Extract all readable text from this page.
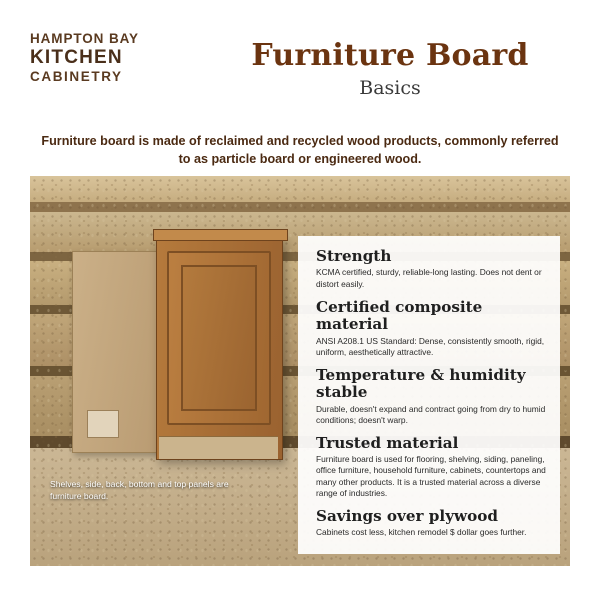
HAMPTON BAY
KITCHEN
CABINETRY
Furniture Board
Basics
Furniture board is made of reclaimed and recycled wood products, commonly referred to as particle board or engineered wood.
Shelves, side, back, bottom and top panels are furniture board.
Strength
KCMA certified, sturdy, reliable-long lasting. Does not dent or distort easily.
Certified composite material
ANSI A208.1 US Standard: Dense, consistently smooth, rigid, uniform, aesthetically attractive.
Temperature & humidity stable
Durable, doesn't expand and contract going from dry to humid conditions; doesn't warp.
Trusted material
Furniture board is used for flooring, shelving, siding, paneling, office furniture, household furniture, cabinets, countertops and many other products. It is a trusted material across a diverse range of industries.
Savings over plywood
Cabinets cost less, kitchen remodel $ dollar goes further.
